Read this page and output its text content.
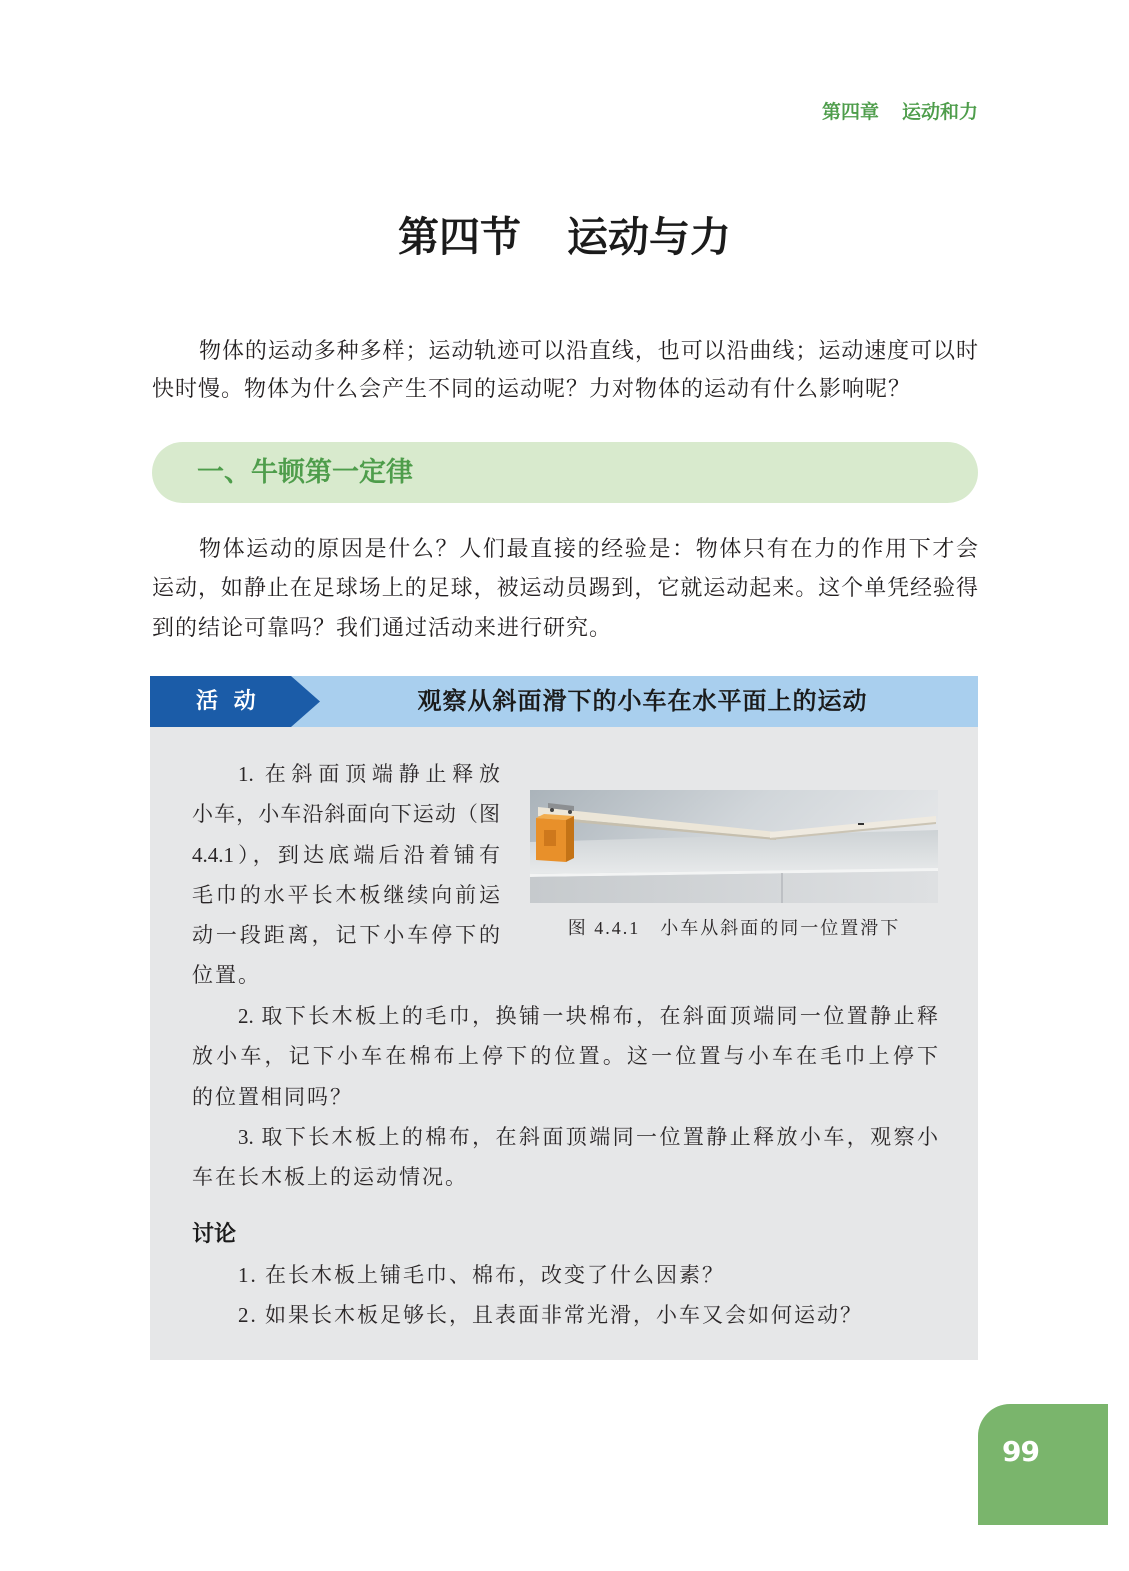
第四章 运动和力
第四节 运动与力
物体的运动多种多样；运动轨迹可以沿直线，也可以沿曲线；运动速度可以时
快时慢。物体为什么会产生不同的运动呢？力对物体的运动有什么影响呢？
一、牛顿第一定律
物体运动的原因是什么？人们最直接的经验是：物体只有在力的作用下才会
运动，如静止在足球场上的足球，被运动员踢到，它就运动起来。这个单凭经验得
到的结论可靠吗？我们通过活动来进行研究。
活 动	观察从斜面滑下的小车在水平面上的运动
1. 在斜面顶端静止释放
小车，小车沿斜面向下运动（图
4.4.1），到达底端后沿着铺有
毛巾的水平长木板继续向前运
动一段距离，记下小车停下的
位置。
图 4.4.1 小车从斜面的同一位置滑下
2. 取下长木板上的毛巾，换铺一块棉布，在斜面顶端同一位置静止释
放小车，记下小车在棉布上停下的位置。这一位置与小车在毛巾上停下
的位置相同吗？
3. 取下长木板上的棉布，在斜面顶端同一位置静止释放小车，观察小
车在长木板上的运动情况。
讨论
1. 在长木板上铺毛巾、棉布，改变了什么因素？
2. 如果长木板足够长，且表面非常光滑，小车又会如何运动？
99
